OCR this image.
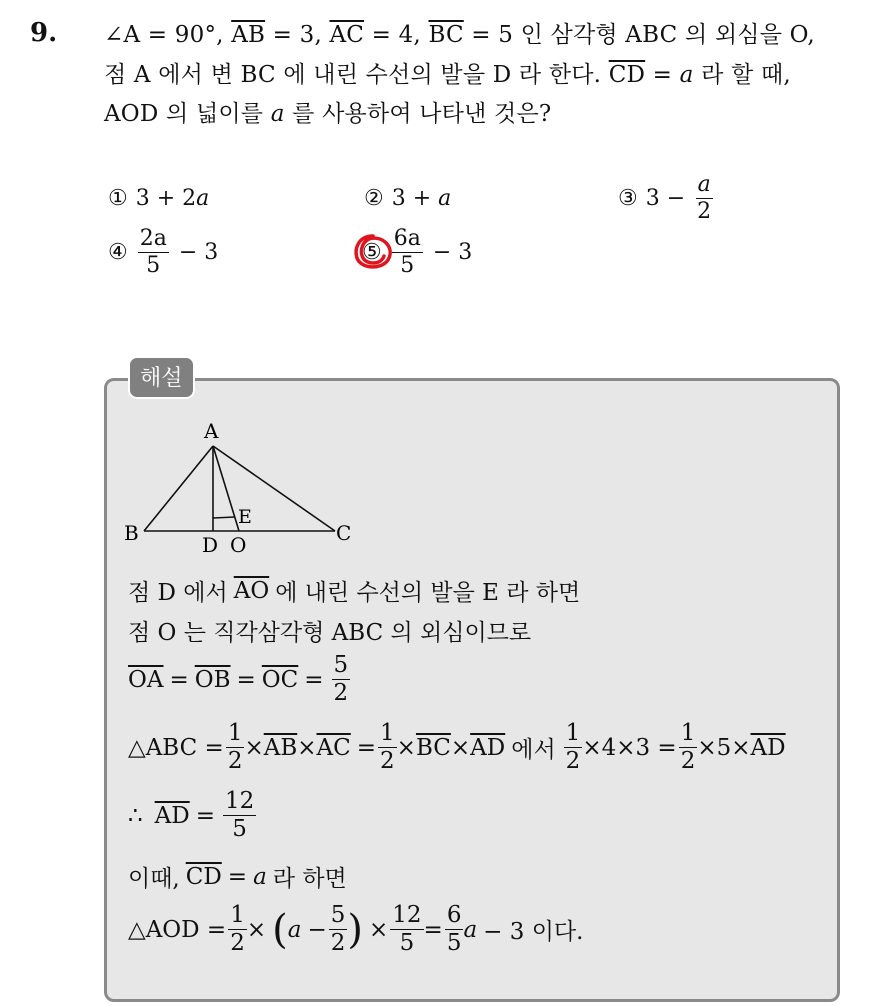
9. ∠A = 90°, $\overline{AB} = 3$, $\overline{AC} = 4$, $\overline{BC} = 5$ 인 삼각형 ABC 의 외심을 O,
점 A 에서 변 BC 에 내린 수선의 발을 D 라 한다. $\overline{CD} = a$ 라 할 때,
AOD 의 넓이를 a 를 사용하여 나타낸 것은?
① 3 + 2a	② 3 + a	③ $3 - \frac{a}{2}$
④ $\frac{2a}{5} - 3$	⑤ $\frac{6a}{5} - 3$
해설
A
B	C
D O
E
점 D 에서 $\overline{AO}$ 에 내린 수선의 발을 E 라 하면
점 O 는 직각삼각형 ABC 의 외심이므로
$\overline{OA} = \overline{OB} = \overline{OC} = \frac{5}{2}$
△ABC = $\frac{1}{2} \times \overline{AB} \times \overline{AC} = \frac{1}{2} \times \overline{BC} \times \overline{AD}$ 에서 $\frac{1}{2} \times 4\times 3 = \frac{1}{2} \times 5\times \overline{AD}$
∴ $\overline{AD} = \frac{12}{5}$
이때, $\overline{CD} = a$ 라 하면
△AOD = $\frac{1}{2}$ × ( $a - \frac{5}{2}$ ) × $\frac{12}{5} = \frac{6}{5}$ a − 3 이다.
